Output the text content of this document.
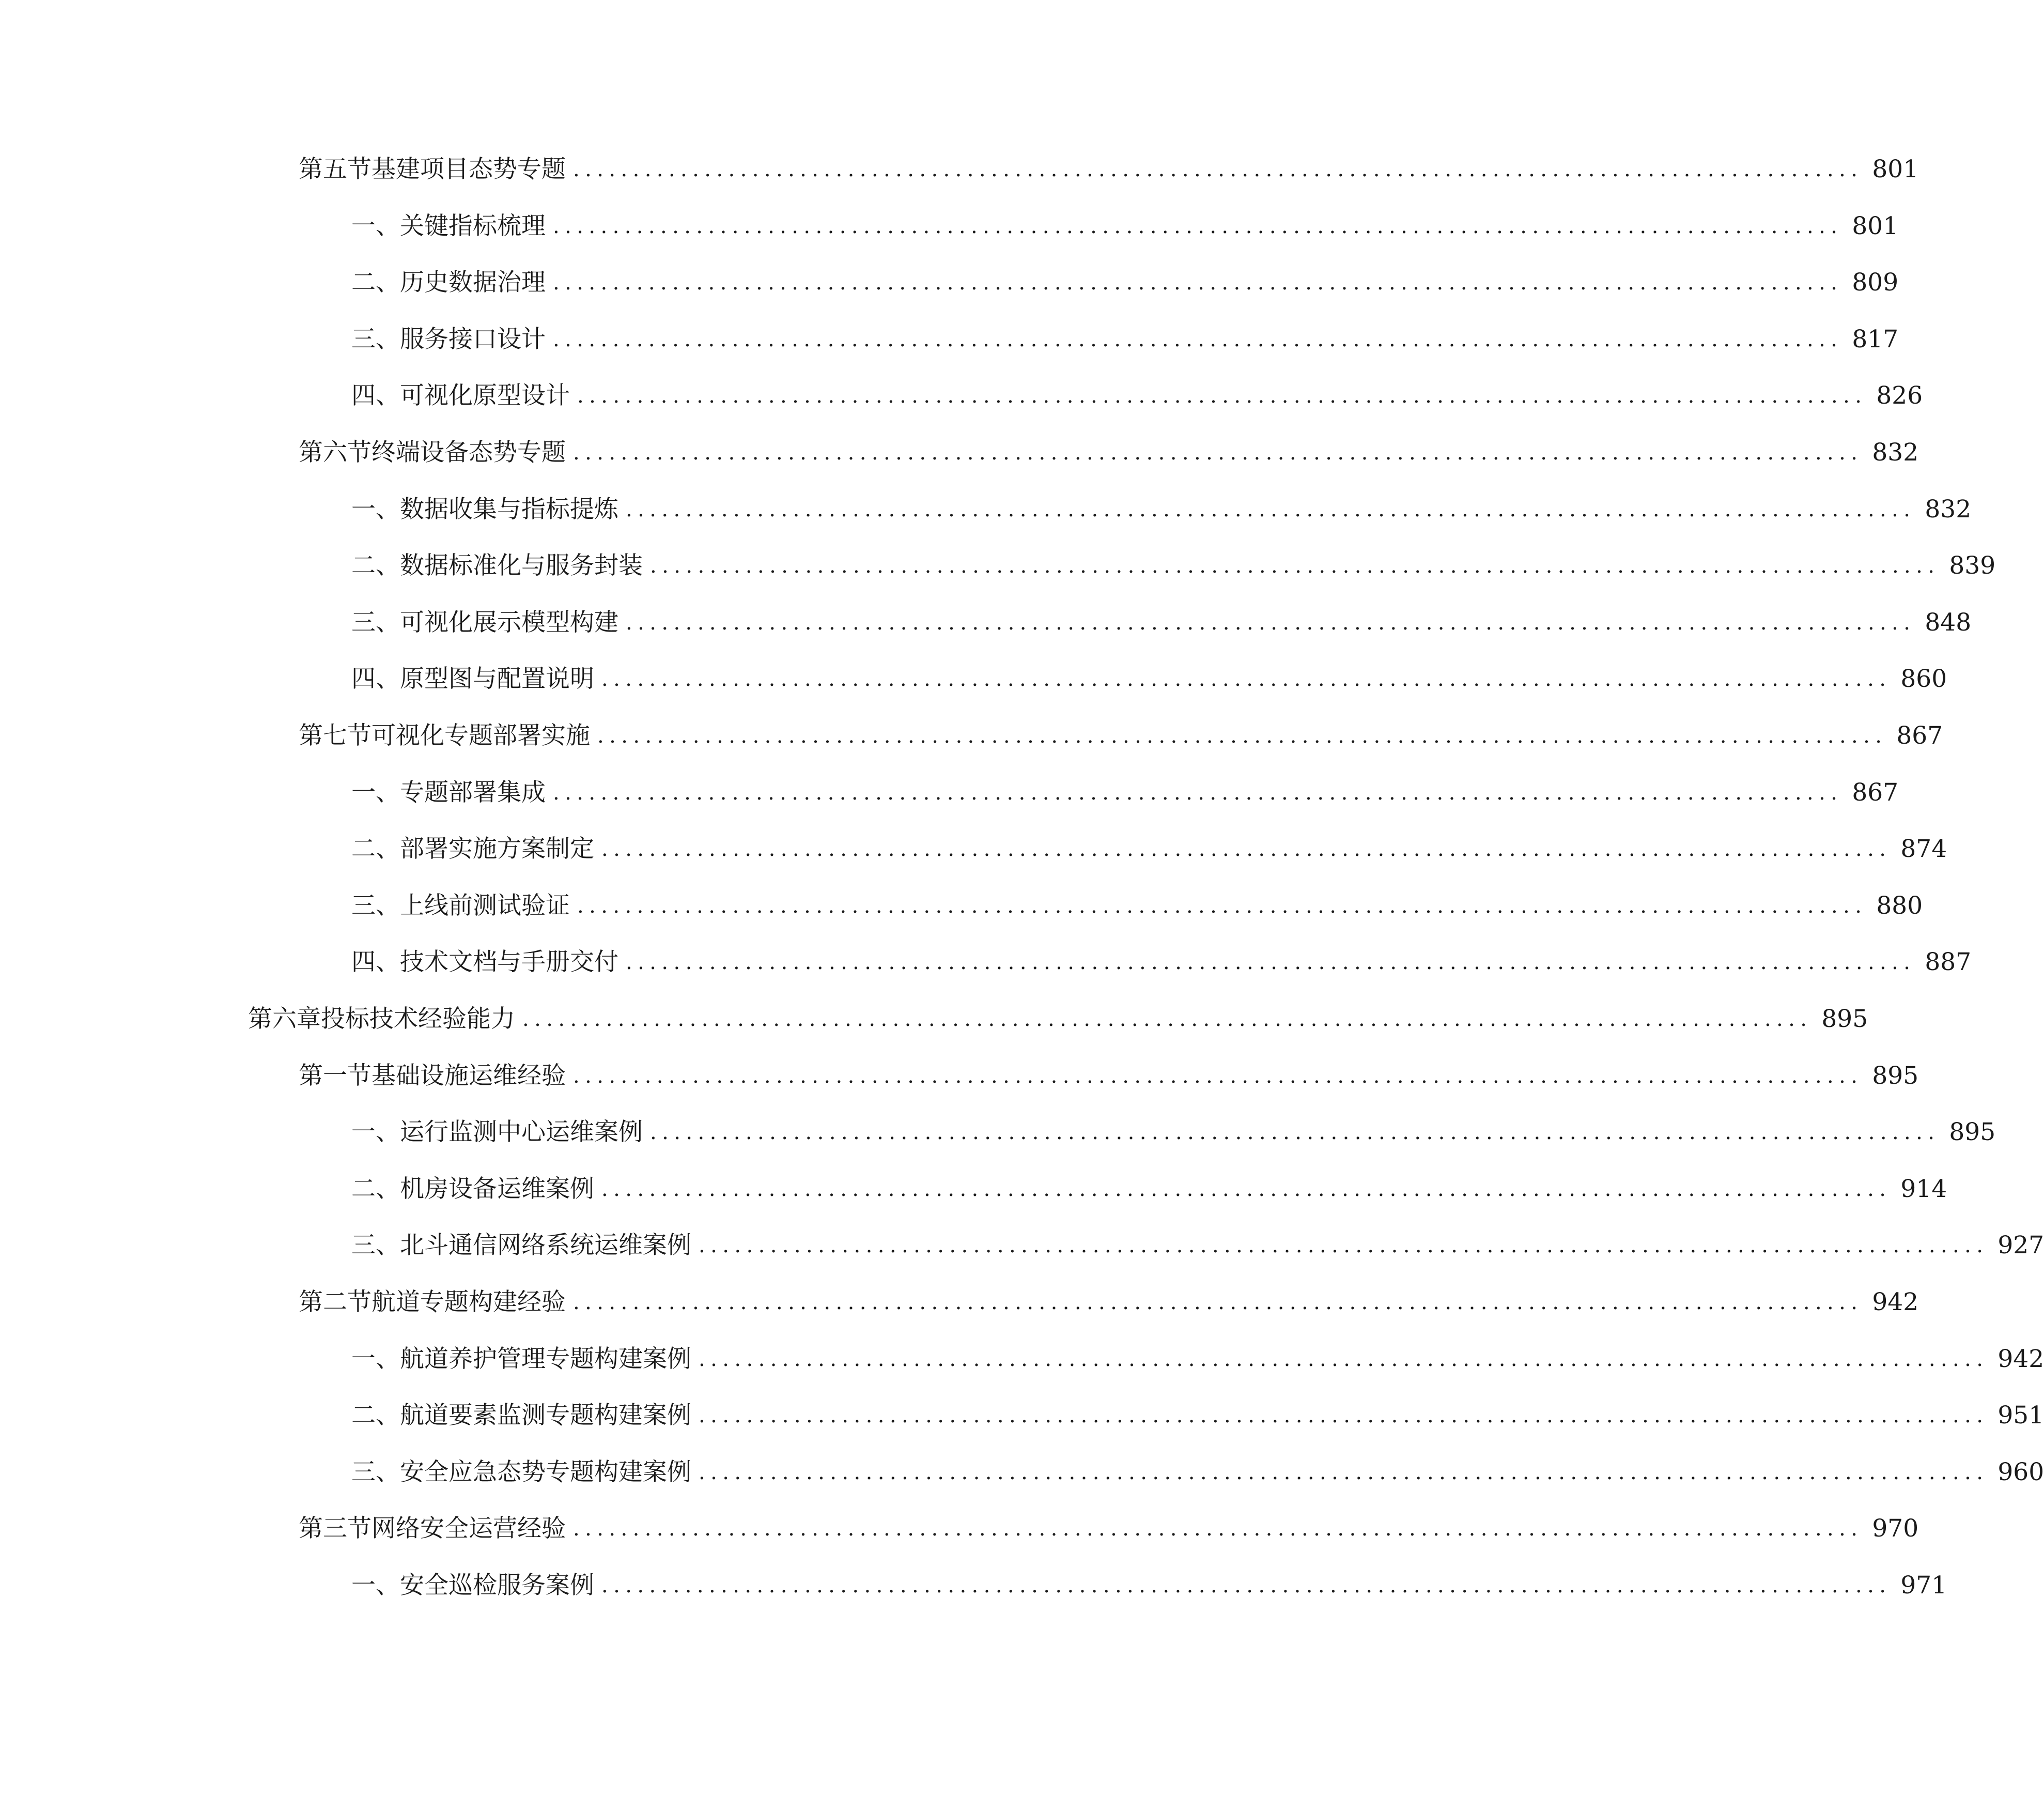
第五节 基建项目态势专题 ............................................................................................................ 801
一、 关键指标梳理 ............................................................................................................ 801
二、 历史数据治理 ............................................................................................................ 809
三、 服务接口设计 ............................................................................................................ 817
四、 可视化原型设计 ............................................................................................................ 826
第六节 终端设备态势专题 ............................................................................................................ 832
一、 数据收集与指标提炼 ............................................................................................................ 832
二、 数据标准化与服务封装 ............................................................................................................ 839
三、 可视化展示模型构建 ............................................................................................................ 848
四、 原型图与配置说明 ............................................................................................................ 860
第七节 可视化专题部署实施 ............................................................................................................ 867
一、 专题部署集成 ............................................................................................................ 867
二、 部署实施方案制定 ............................................................................................................ 874
三、 上线前测试验证 ............................................................................................................ 880
四、 技术文档与手册交付 ............................................................................................................ 887
第六章 投标技术经验能力 ............................................................................................................ 895
第一节 基础设施运维经验 ............................................................................................................ 895
一、 运行监测中心运维案例 ............................................................................................................ 895
二、 机房设备运维案例 ............................................................................................................ 914
三、 北斗通信网络系统运维案例 ............................................................................................................ 927
第二节 航道专题构建经验 ............................................................................................................ 942
一、 航道养护管理专题构建案例 ............................................................................................................ 942
二、 航道要素监测专题构建案例 ............................................................................................................ 951
三、 安全应急态势专题构建案例 ............................................................................................................ 960
第三节 网络安全运营经验 ............................................................................................................ 970
一、 安全巡检服务案例 ............................................................................................................ 971
